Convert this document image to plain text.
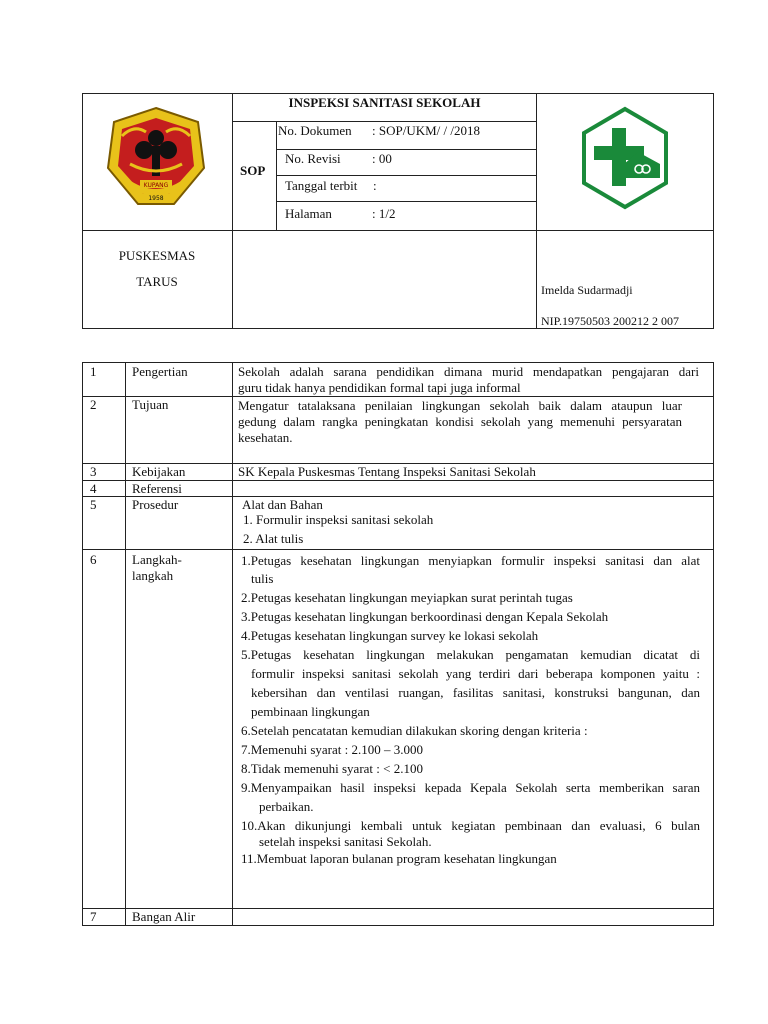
KUPANG
1958
INSPEKSI SANITASI SEKOLAH
SOP
No. Dokumen : SOP/UKM/ / /2018
No. Revisi : 00
Tanggal terbit :
Halaman	: 1/2
PUSKESMAS
TARUS
Imelda Sudarmadji
NIP.19750503 200212 2 007
1	Pengertian	Sekolah adalah sarana pendidikan dimana murid mendapatkan pengajaran dari
guru tidak hanya pendidikan formal tapi juga informal
2	Tujuan	Mengatur tatalaksana penilaian lingkungan sekolah baik dalam ataupun luar
gedung dalam rangka peningkatan kondisi sekolah yang memenuhi persyaratan
kesehatan.
3	Kebijakan	SK Kepala Puskesmas Tentang Inspeksi Sanitasi Sekolah
4	Referensi
5	Prosedur	Alat dan Bahan
1. Formulir inspeksi sanitasi sekolah
2. Alat tulis
6	Langkah-
langkah
1.Petugas kesehatan lingkungan menyiapkan formulir inspeksi sanitasi dan alat
tulis
2.Petugas kesehatan lingkungan meyiapkan surat perintah tugas
3.Petugas kesehatan lingkungan berkoordinasi dengan Kepala Sekolah
4.Petugas kesehatan lingkungan survey ke lokasi sekolah
5.Petugas kesehatan lingkungan melakukan pengamatan kemudian dicatat di
formulir inspeksi sanitasi sekolah yang terdiri dari beberapa komponen yaitu :
kebersihan dan ventilasi ruangan, fasilitas sanitasi, konstruksi bangunan, dan
pembinaan lingkungan
6.Setelah pencatatan kemudian dilakukan skoring dengan kriteria :
7.Memenuhi syarat : 2.100 – 3.000
8.Tidak memenuhi syarat : < 2.100
9.Menyampaikan hasil inspeksi kepada Kepala Sekolah serta memberikan saran
perbaikan.
10.Akan dikunjungi kembali untuk kegiatan pembinaan dan evaluasi, 6 bulan
setelah inspeksi sanitasi Sekolah.
11.Membuat laporan bulanan program kesehatan lingkungan
7	Bangan Alir
